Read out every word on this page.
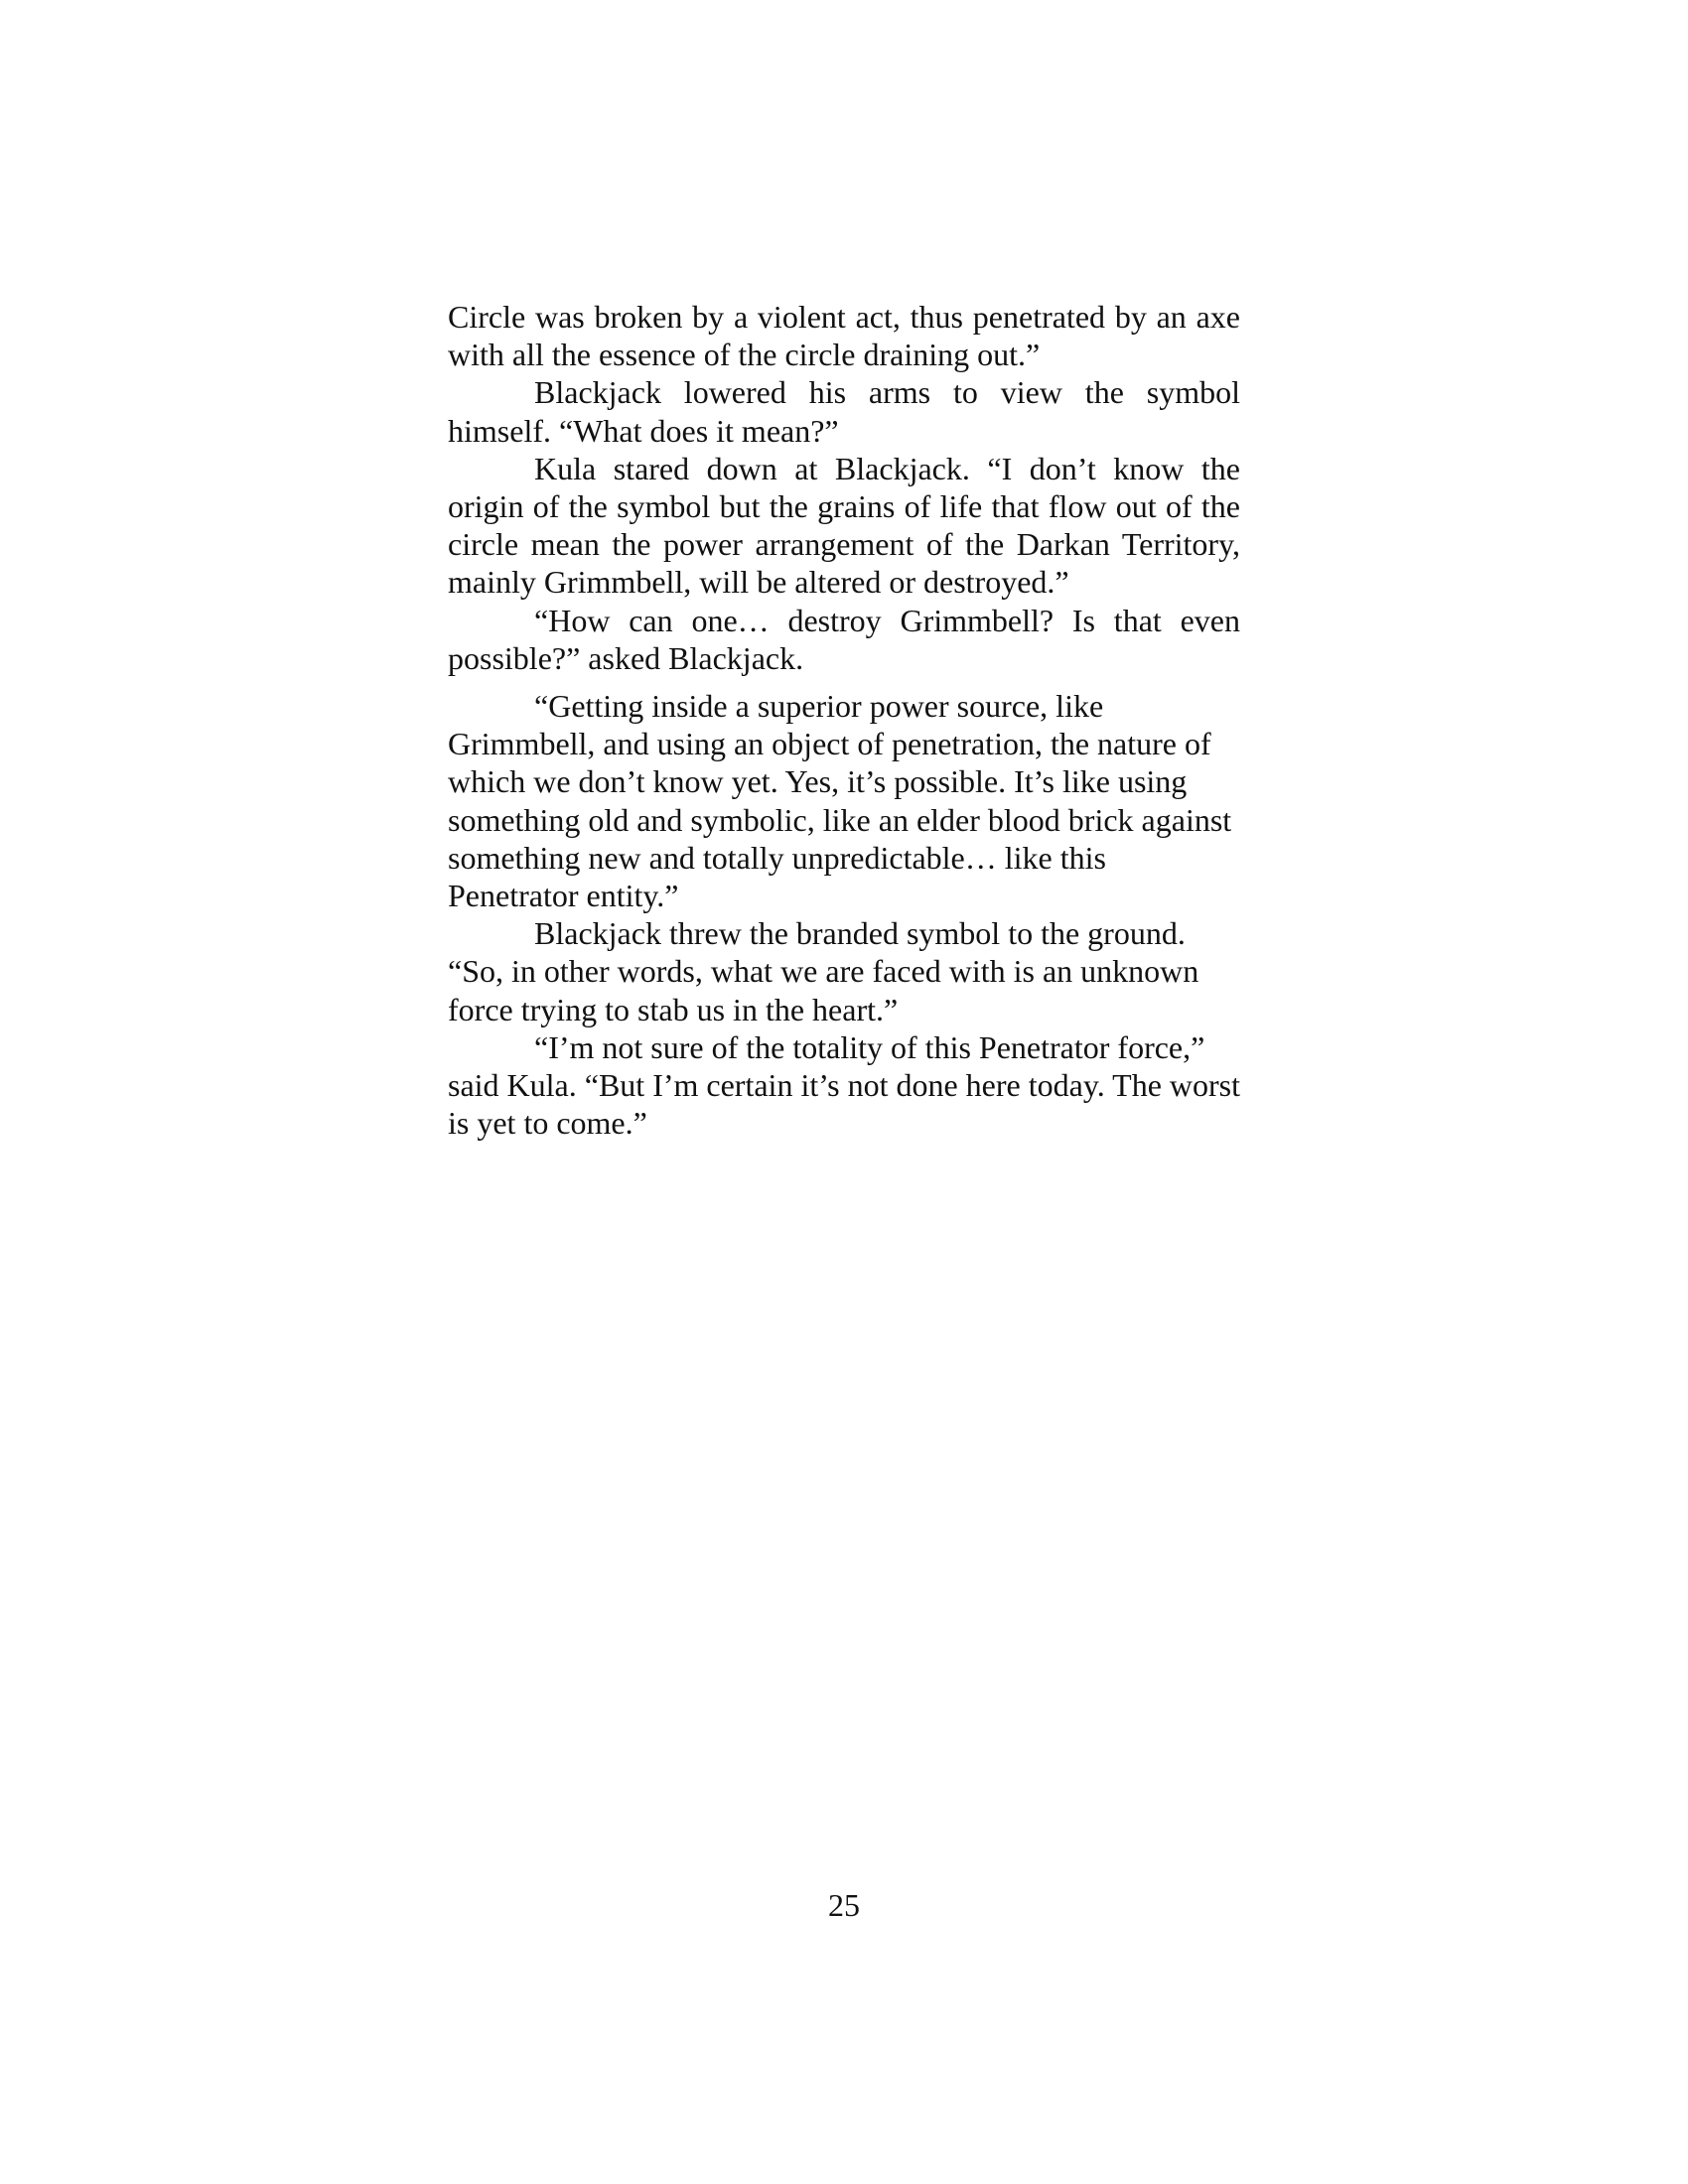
Circle was broken by a violent act, thus penetrated by an axe with all the essence of the circle draining out.”

Blackjack lowered his arms to view the symbol himself. “What does it mean?”

Kula stared down at Blackjack. “I don’t know the origin of the symbol but the grains of life that flow out of the circle mean the power arrangement of the Darkan Territory, mainly Grimmbell, will be altered or destroyed.”

“How can one… destroy Grimmbell? Is that even possible?” asked Blackjack.

“Getting inside a superior power source, like Grimmbell, and using an object of penetration, the nature of which we don’t know yet. Yes, it’s possible. It’s like using something old and symbolic, like an elder blood brick against something new and totally unpredictable… like this Penetrator entity.”

Blackjack threw the branded symbol to the ground. “So, in other words, what we are faced with is an unknown force trying to stab us in the heart.”

“I’m not sure of the totality of this Penetrator force,” said Kula. “But I’m certain it’s not done here today. The worst is yet to come.”

25
